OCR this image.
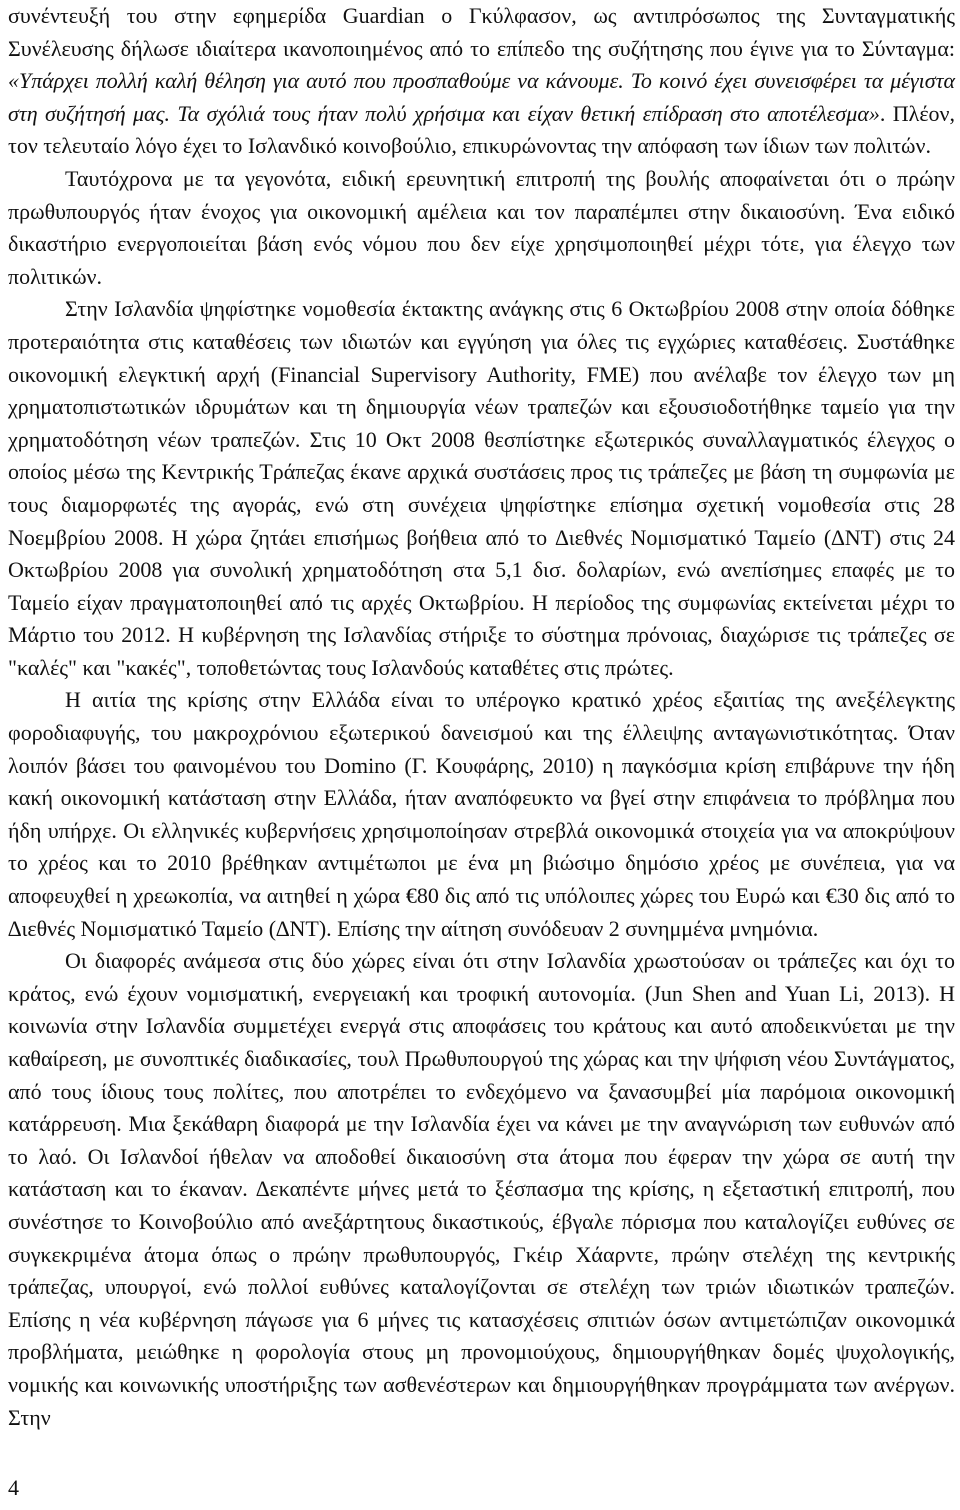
συνέντευξή του στην εφημερίδα Guardian ο Γκύλφασον, ως αντιπρόσωπος της Συνταγματικής Συνέλευσης δήλωσε ιδιαίτερα ικανοποιημένος από το επίπεδο της συζήτησης που έγινε για το Σύνταγμα: «Υπάρχει πολλή καλή θέληση για αυτό που προσπαθούμε να κάνουμε. Το κοινό έχει συνεισφέρει τα μέγιστα στη συζήτησή μας. Τα σχόλιά τους ήταν πολύ χρήσιμα και είχαν θετική επίδραση στο αποτέλεσμα». Πλέον, τον τελευταίο λόγο έχει το Ισλανδικό κοινοβούλιο, επικυρώνοντας την απόφαση των ίδιων των πολιτών.

Ταυτόχρονα με τα γεγονότα, ειδική ερευνητική επιτροπή της βουλής αποφαίνεται ότι ο πρώην πρωθυπουργός ήταν ένοχος για οικονομική αμέλεια και τον παραπέμπει στην δικαιοσύνη. Ένα ειδικό δικαστήριο ενεργοποιείται βάση ενός νόμου που δεν είχε χρησιμοποιηθεί μέχρι τότε, για έλεγχο των πολιτικών.

Στην Ισλανδία ψηφίστηκε νομοθεσία έκτακτης ανάγκης στις 6 Οκτωβρίου 2008 στην οποία δόθηκε προτεραιότητα στις καταθέσεις των ιδιωτών και εγγύηση για όλες τις εγχώριες καταθέσεις. Συστάθηκε οικονομική ελεγκτική αρχή (Financial Supervisory Authority, FME) που ανέλαβε τον έλεγχο των μη χρηματοπιστωτικών ιδρυμάτων και τη δημιουργία νέων τραπεζών και εξουσιοδοτήθηκε ταμείο για την χρηματοδότηση νέων τραπεζών. Στις 10 Οκτ 2008 θεσπίστηκε εξωτερικός συναλλαγματικός έλεγχος ο οποίος μέσω της Κεντρικής Τράπεζας έκανε αρχικά συστάσεις προς τις τράπεζες με βάση τη συμφωνία με τους διαμορφωτές της αγοράς, ενώ στη συνέχεια ψηφίστηκε επίσημα σχετική νομοθεσία στις 28 Νοεμβρίου 2008. Η χώρα ζητάει επισήμως βοήθεια από το ∆ιεθνές Νομισματικό Ταμείο (∆ΝΤ) στις 24 Οκτωβρίου 2008 για συνολική χρηματοδότηση στα 5,1 δισ. δολαρίων, ενώ ανεπίσημες επαφές με το Ταμείο είχαν πραγματοποιηθεί από τις αρχές Οκτωβρίου. Η περίοδος της συμφωνίας εκτείνεται μέχρι το Μάρτιο του 2012. Η κυβέρνηση της Ισλανδίας στήριξε το σύστημα πρόνοιας, διαχώρισε τις τράπεζες σε "καλές" και "κακές", τοποθετώντας τους Ισλανδούς καταθέτες στις πρώτες.

Η αιτία της κρίσης στην Ελλάδα είναι το υπέρογκο κρατικό χρέος εξαιτίας της ανεξέλεγκτης φοροδιαφυγής, του μακροχρόνιου εξωτερικού δανεισμού και της έλλειψης ανταγωνιστικότητας. Όταν λοιπόν βάσει του φαινομένου του Domino (Γ. Κουφάρης, 2010) η παγκόσμια κρίση επιβάρυνε την ήδη κακή οικονομική κατάσταση στην Ελλάδα, ήταν αναπόφευκτο να βγεί στην επιφάνεια το πρόβλημα που ήδη υπήρχε. Οι ελληνικές κυβερνήσεις χρησιμοποίησαν στρεβλά οικονομικά στοιχεία για να αποκρύψουν το χρέος και το 2010 βρέθηκαν αντιμέτωποι με ένα μη βιώσιμο δημόσιο χρέος με συνέπεια, για να αποφευχθεί η χρεωκοπία, να αιτηθεί η χώρα €80 δις από τις υπόλοιπες χώρες του Ευρώ και €30 δις από το ∆ιεθνές Νομισματικό Ταμείο (∆ΝΤ). Επίσης την αίτηση συνόδευαν 2 συνημμένα μνημόνια.

Οι διαφορές ανάμεσα στις δύο χώρες είναι ότι στην Ισλανδία χρωστούσαν οι τράπεζες και όχι το κράτος, ενώ έχουν νομισματική, ενεργειακή και τροφική αυτονομία. (Jun Shen and Yuan Li, 2013). Η κοινωνία στην Ισλανδία συμμετέχει ενεργά στις αποφάσεις του κράτους και αυτό αποδεικνύεται με την καθαίρεση, με συνοπτικές διαδικασίες, τουλ Πρωθυπουργού της χώρας και την ψήφιση νέου Συντάγματος, από τους ίδιους τους πολίτες, που αποτρέπει το ενδεχόμενο να ξανασυμβεί μία παρόμοια οικονομική κατάρρευση. Μια ξεκάθαρη διαφορά με την Ισλανδία έχει να κάνει με την αναγνώριση των ευθυνών από το λαό. Οι Ισλανδοί ήθελαν να αποδοθεί δικαιοσύνη στα άτομα που έφεραν την χώρα σε αυτή την κατάσταση και το έκαναν. ∆εκαπέντε μήνες μετά το ξέσπασμα της κρίσης, η εξεταστική επιτροπή, που συνέστησε το Κοινοβούλιο από ανεξάρτητους δικαστικούς, έβγαλε πόρισμα που καταλογίζει ευθύνες σε συγκεκριμένα άτομα όπως ο πρώην πρωθυπουργός, Γκέιρ Χάαρντε, πρώην στελέχη της κεντρικής τράπεζας, υπουργοί, ενώ πολλοί ευθύνες καταλογίζονται σε στελέχη των τριών ιδιωτικών τραπεζών. Επίσης η νέα κυβέρνηση πάγωσε για 6 μήνες τις κατασχέσεις σπιτιών όσων αντιμετώπιζαν οικονομικά προβλήματα, μειώθηκε η φορολογία στους μη προνομιούχους, δημιουργήθηκαν δομές ψυχολογικής, νομικής και κοινωνικής υποστήριξης των ασθενέστερων και δημιουργήθηκαν προγράμματα των ανέργων. Στην

4
